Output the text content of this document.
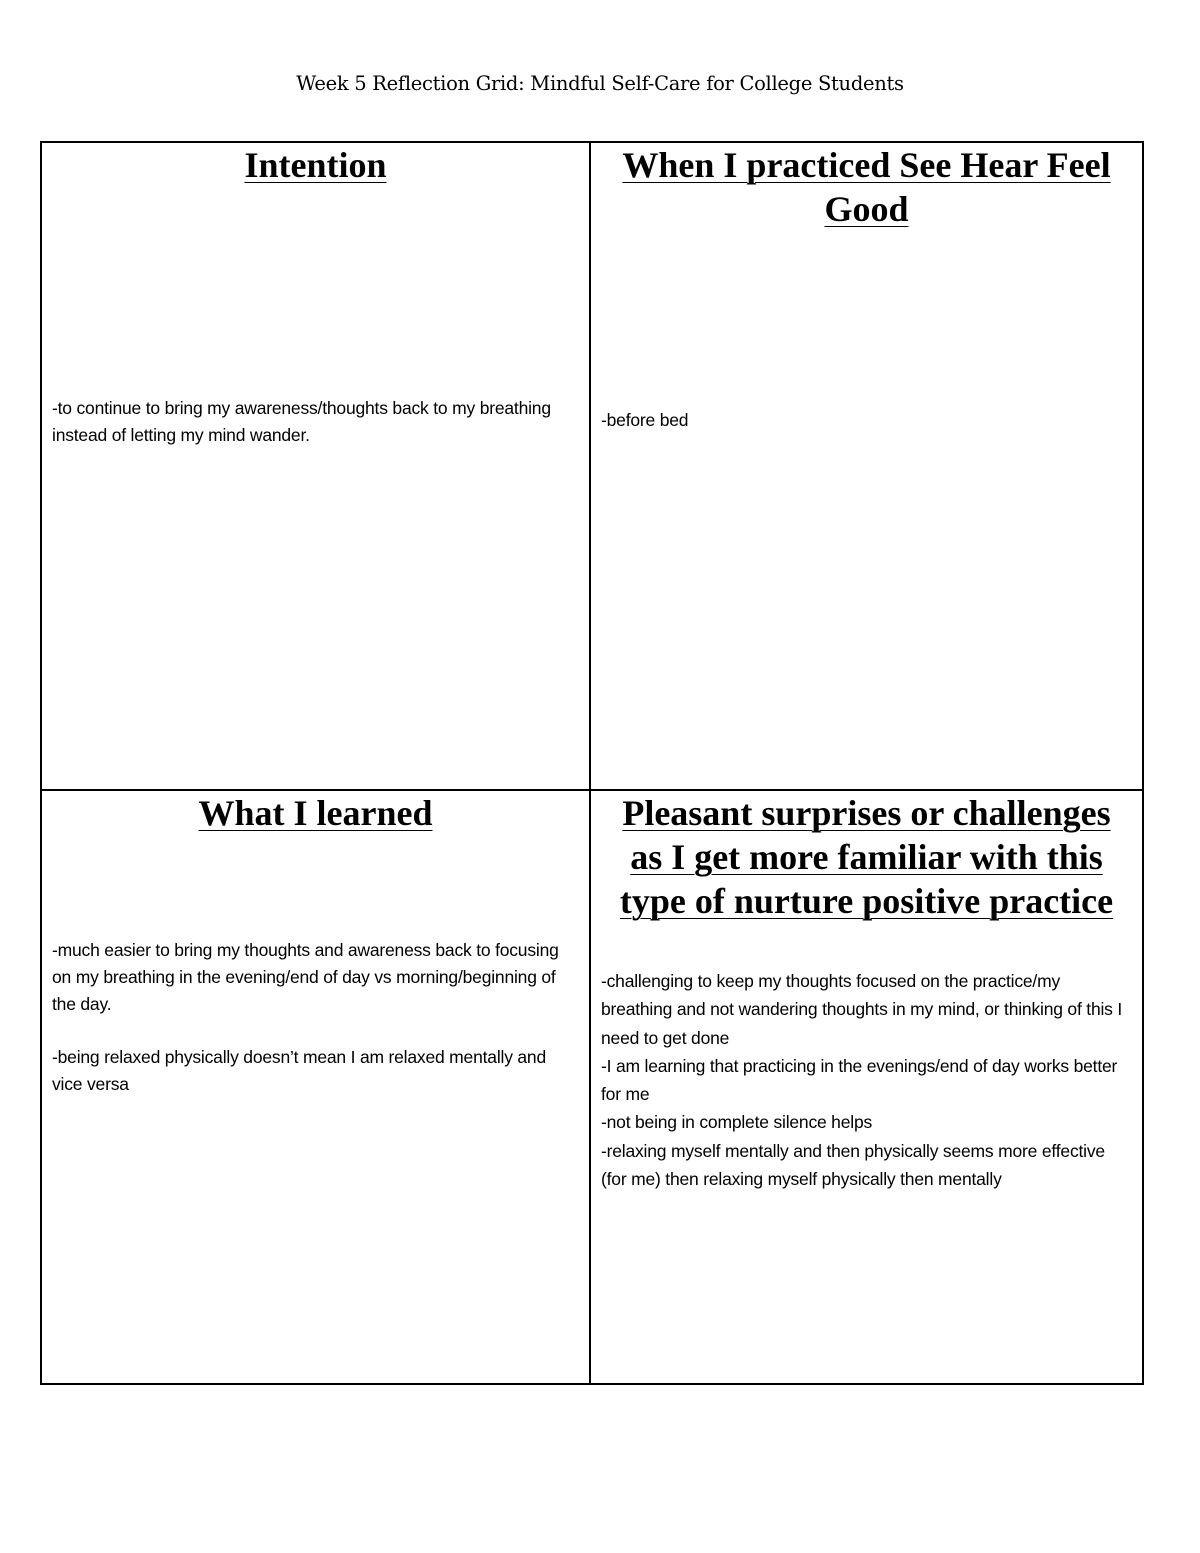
Week 5 Reflection Grid: Mindful Self-Care for College Students
Intention

-to continue to bring my awareness/thoughts back to my breathing instead of letting my mind wander.

When I practiced See Hear Feel Good

-before bed

What I learned

-much easier to bring my thoughts and awareness back to focusing on my breathing in the evening/end of day vs morning/beginning of the day.

-being relaxed physically doesn’t mean I am relaxed mentally and vice versa

Pleasant surprises or challenges as I get more familiar with this type of nurture positive practice

-challenging to keep my thoughts focused on the practice/my breathing and not wandering thoughts in my mind, or thinking of this I need to get done

-I am learning that practicing in the evenings/end of day works better for me

-not being in complete silence helps

-relaxing myself mentally and then physically seems more effective (for me) then relaxing myself physically then mentally
